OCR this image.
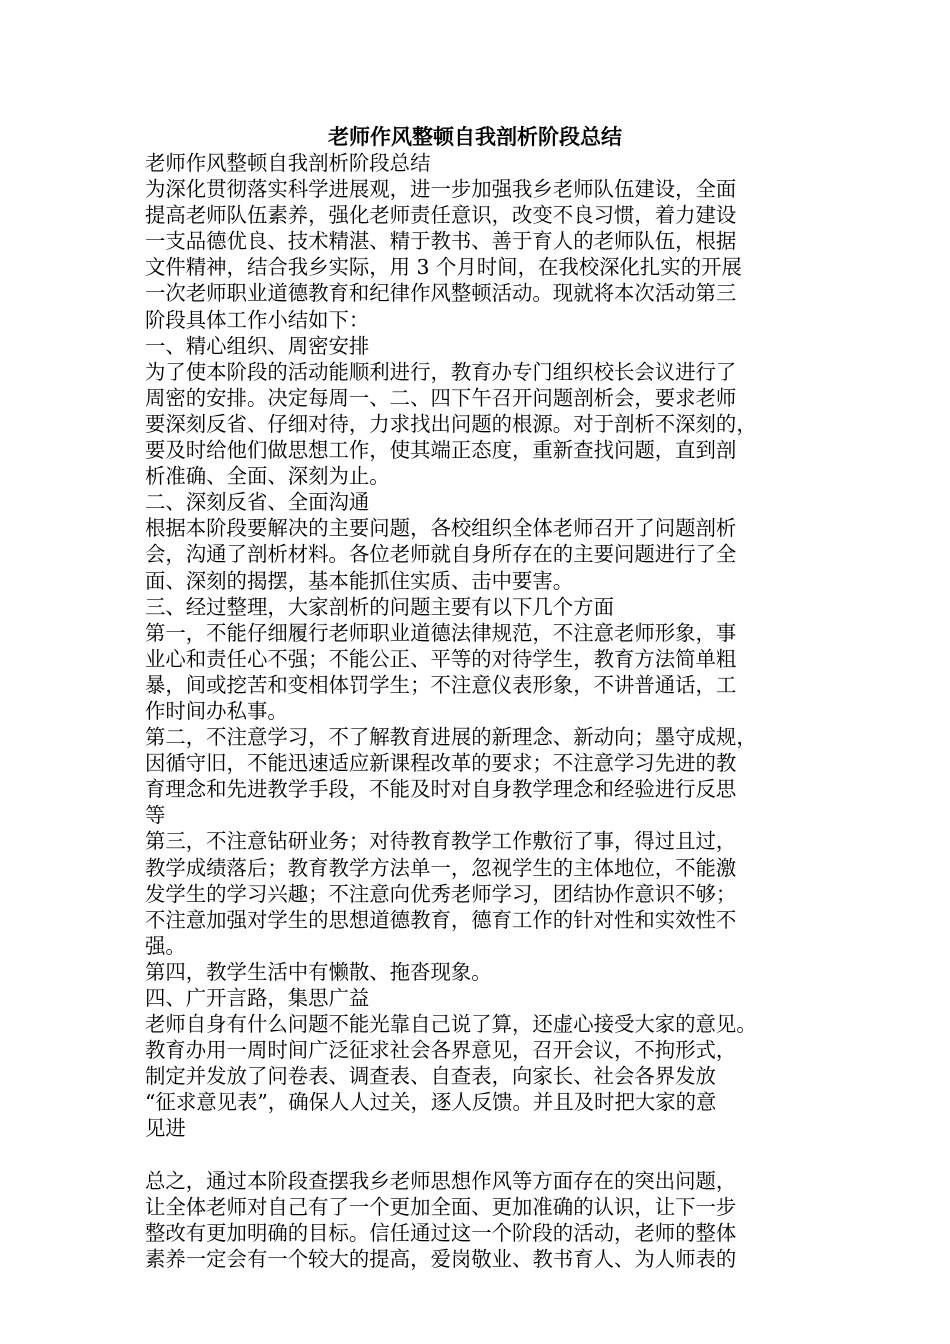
老师作风整顿自我剖析阶段总结
老师作风整顿自我剖析阶段总结
为深化贯彻落实科学进展观，进一步加强我乡老师队伍建设，全面
提高老师队伍素养，强化老师责任意识，改变不良习惯，着力建设
一支品德优良、技术精湛、精于教书、善于育人的老师队伍，根据
文件精神，结合我乡实际，用 3 个月时间，在我校深化扎实的开展
一次老师职业道德教育和纪律作风整顿活动。现就将本次活动第三
阶段具体工作小结如下：
一、精心组织、周密安排
为了使本阶段的活动能顺利进行，教育办专门组织校长会议进行了
周密的安排。决定每周一、二、四下午召开问题剖析会，要求老师
要深刻反省、仔细对待，力求找出问题的根源。对于剖析不深刻的，
要及时给他们做思想工作，使其端正态度，重新查找问题，直到剖
析准确、全面、深刻为止。
二、深刻反省、全面沟通
根据本阶段要解决的主要问题，各校组织全体老师召开了问题剖析
会，沟通了剖析材料。各位老师就自身所存在的主要问题进行了全
面、深刻的揭摆，基本能抓住实质、击中要害。
三、经过整理，大家剖析的问题主要有以下几个方面
第一，不能仔细履行老师职业道德法律规范，不注意老师形象，事
业心和责任心不强；不能公正、平等的对待学生，教育方法简单粗
暴，间或挖苦和变相体罚学生；不注意仪表形象，不讲普通话，工
作时间办私事。
第二，不注意学习，不了解教育进展的新理念、新动向；墨守成规，
因循守旧，不能迅速适应新课程改革的要求；不注意学习先进的教
育理念和先进教学手段，不能及时对自身教学理念和经验进行反思
等
第三，不注意钻研业务；对待教育教学工作敷衍了事，得过且过，
教学成绩落后；教育教学方法单一，忽视学生的主体地位，不能激
发学生的学习兴趣；不注意向优秀老师学习，团结协作意识不够；
不注意加强对学生的思想道德教育，德育工作的针对性和实效性不
强。
第四，教学生活中有懒散、拖沓现象。
四、广开言路，集思广益
老师自身有什么问题不能光靠自己说了算，还虚心接受大家的意见。
教育办用一周时间广泛征求社会各界意见，召开会议，不拘形式，
制定并发放了问卷表、调查表、自查表，向家长、社会各界发放
“征求意见表”，确保人人过关，逐人反馈。并且及时把大家的意
见进
总之，通过本阶段查摆我乡老师思想作风等方面存在的突出问题，
让全体老师对自己有了一个更加全面、更加准确的认识，让下一步
整改有更加明确的目标。信任通过这一个阶段的活动，老师的整体
素养一定会有一个较大的提高，爱岗敬业、教书育人、为人师表的
